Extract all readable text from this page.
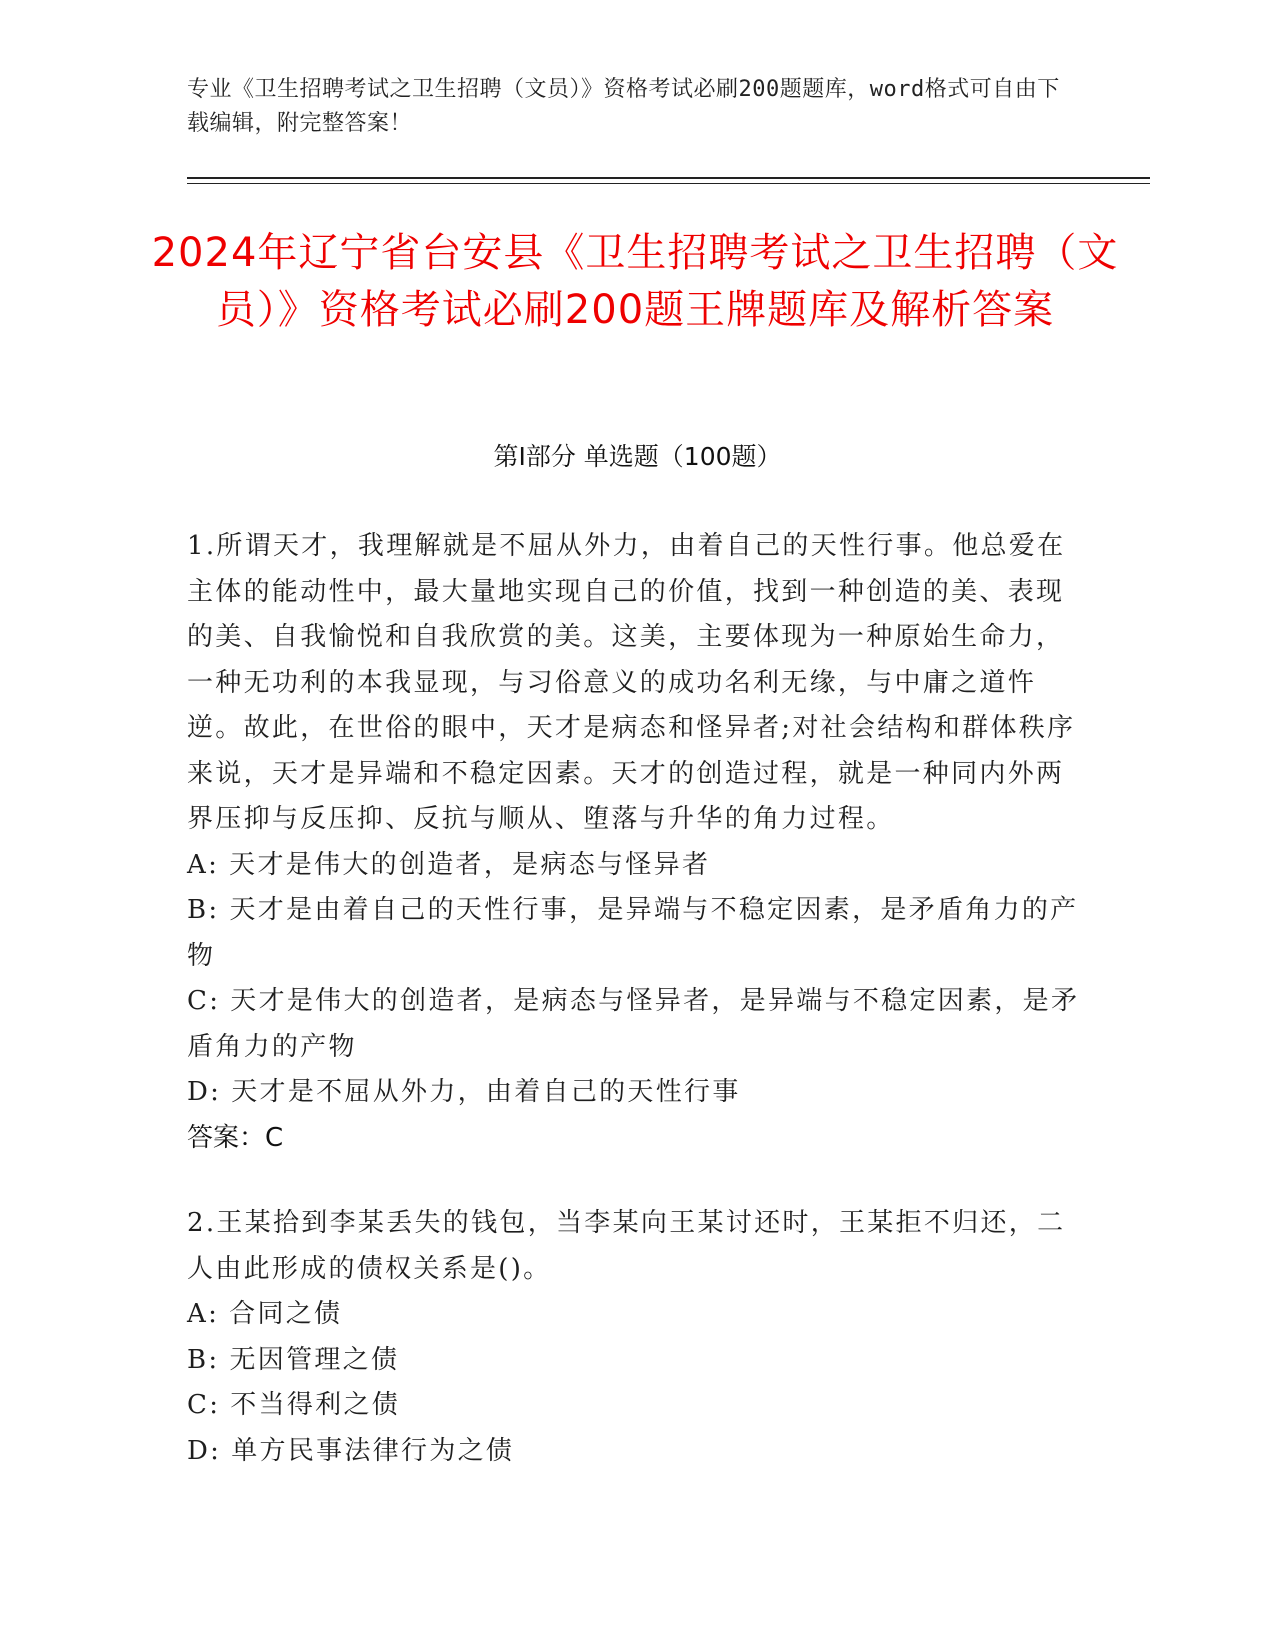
专业《卫生招聘考试之卫生招聘（文员）》资格考试必刷200题题库，word格式可自由下载编辑，附完整答案！
2024年辽宁省台安县《卫生招聘考试之卫生招聘（文员）》资格考试必刷200题王牌题库及解析答案
第I部分 单选题（100题）
1.所谓天才，我理解就是不屈从外力，由着自己的天性行事。他总爱在主体的能动性中，最大量地实现自己的价值，找到一种创造的美、表现的美、自我愉悦和自我欣赏的美。这美，主要体现为一种原始生命力，一种无功利的本我显现，与习俗意义的成功名利无缘，与中庸之道忤逆。故此，在世俗的眼中，天才是病态和怪异者;对社会结构和群体秩序来说，天才是异端和不稳定因素。天才的创造过程，就是一种同内外两界压抑与反压抑、反抗与顺从、堕落与升华的角力过程。
A: 天才是伟大的创造者，是病态与怪异者
B: 天才是由着自己的天性行事，是异端与不稳定因素，是矛盾角力的产物
C: 天才是伟大的创造者，是病态与怪异者，是异端与不稳定因素，是矛盾角力的产物
D: 天才是不屈从外力，由着自己的天性行事
答案：C
2.王某拾到李某丢失的钱包，当李某向王某讨还时，王某拒不归还，二人由此形成的债权关系是()。
A: 合同之债
B: 无因管理之债
C: 不当得利之债
D: 单方民事法律行为之债
